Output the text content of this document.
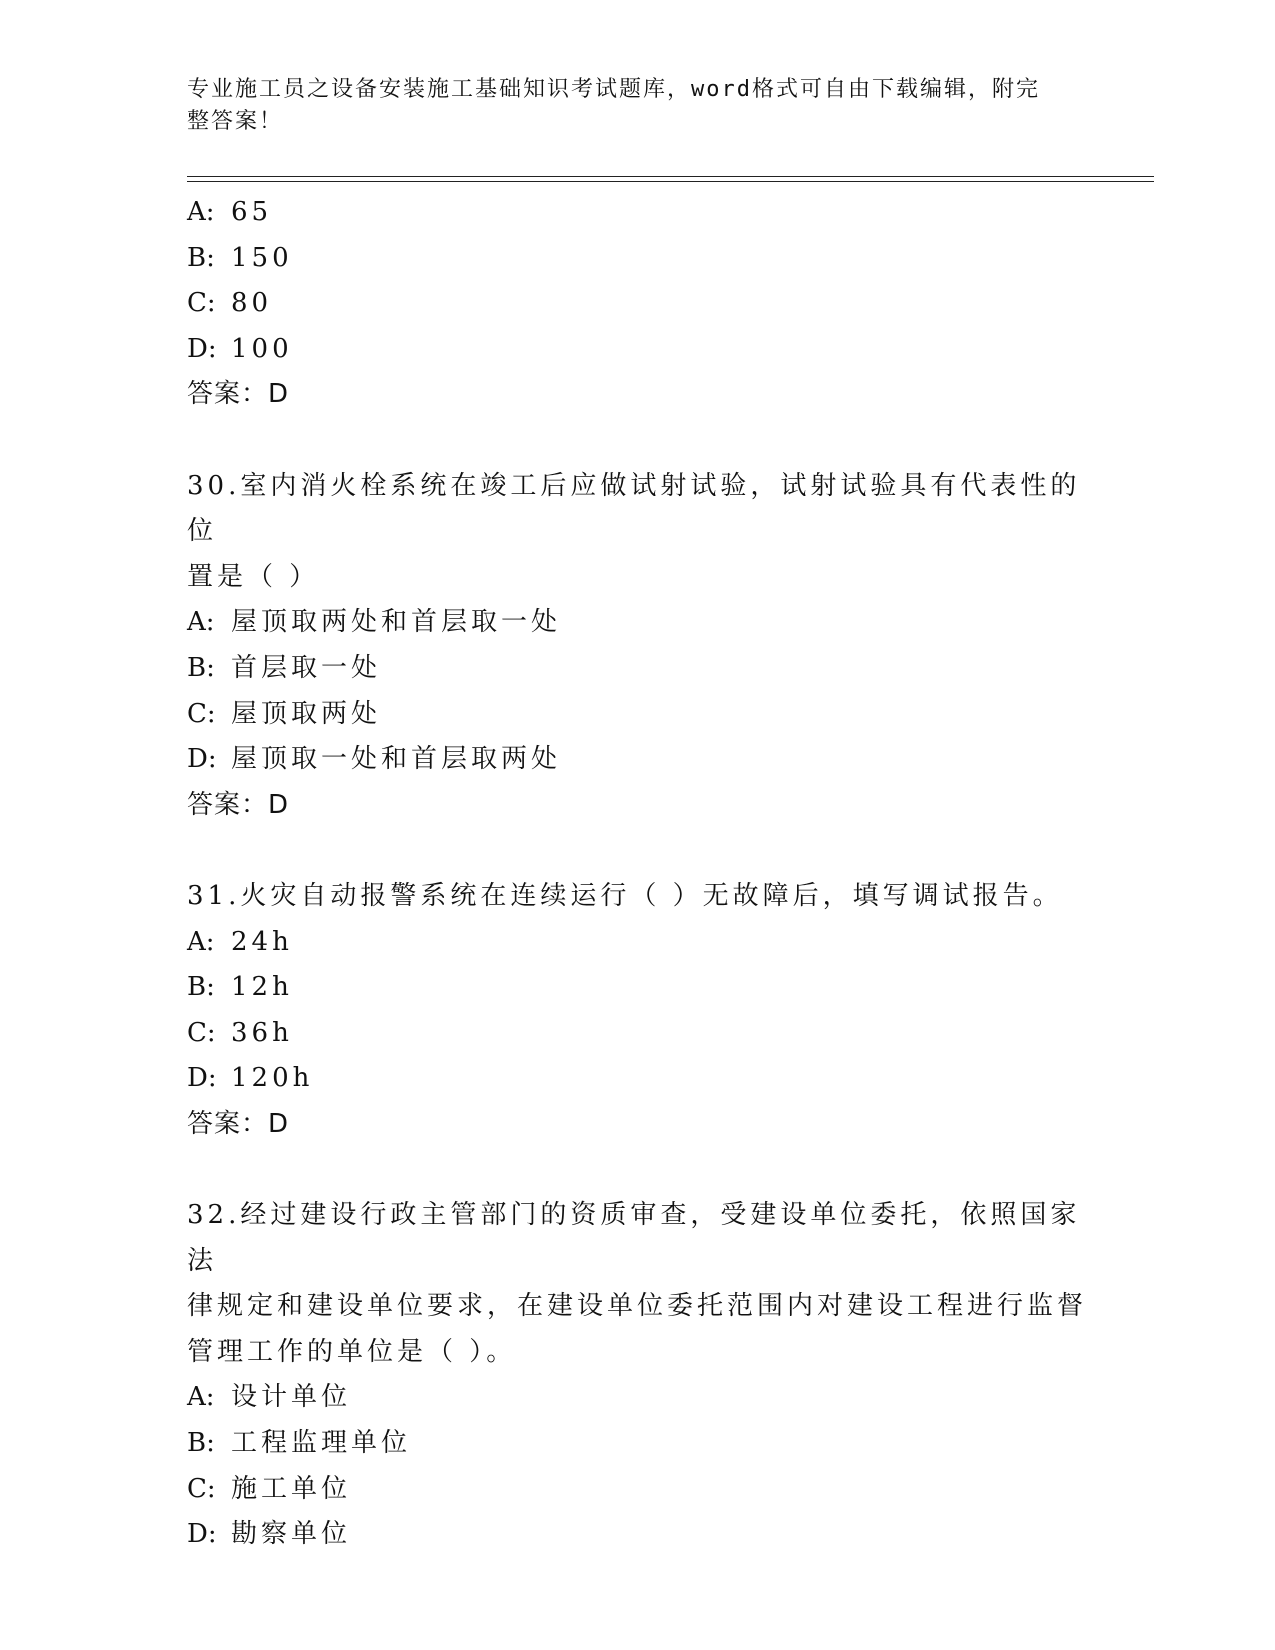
专业施工员之设备安装施工基础知识考试题库，word格式可自由下载编辑，附完
整答案！
A: 65
B: 150
C: 80
D: 100
答案：D
30.室内消火栓系统在竣工后应做试射试验，试射试验具有代表性的位
置是（ ）
A: 屋顶取两处和首层取一处
B: 首层取一处
C: 屋顶取两处
D: 屋顶取一处和首层取两处
答案：D
31.火灾自动报警系统在连续运行（ ）无故障后，填写调试报告。
A: 24h
B: 12h
C: 36h
D: 120h
答案：D
32.经过建设行政主管部门的资质审查，受建设单位委托，依照国家法
律规定和建设单位要求，在建设单位委托范围内对建设工程进行监督
管理工作的单位是（ ）。
A: 设计单位
B: 工程监理单位
C: 施工单位
D: 勘察单位
